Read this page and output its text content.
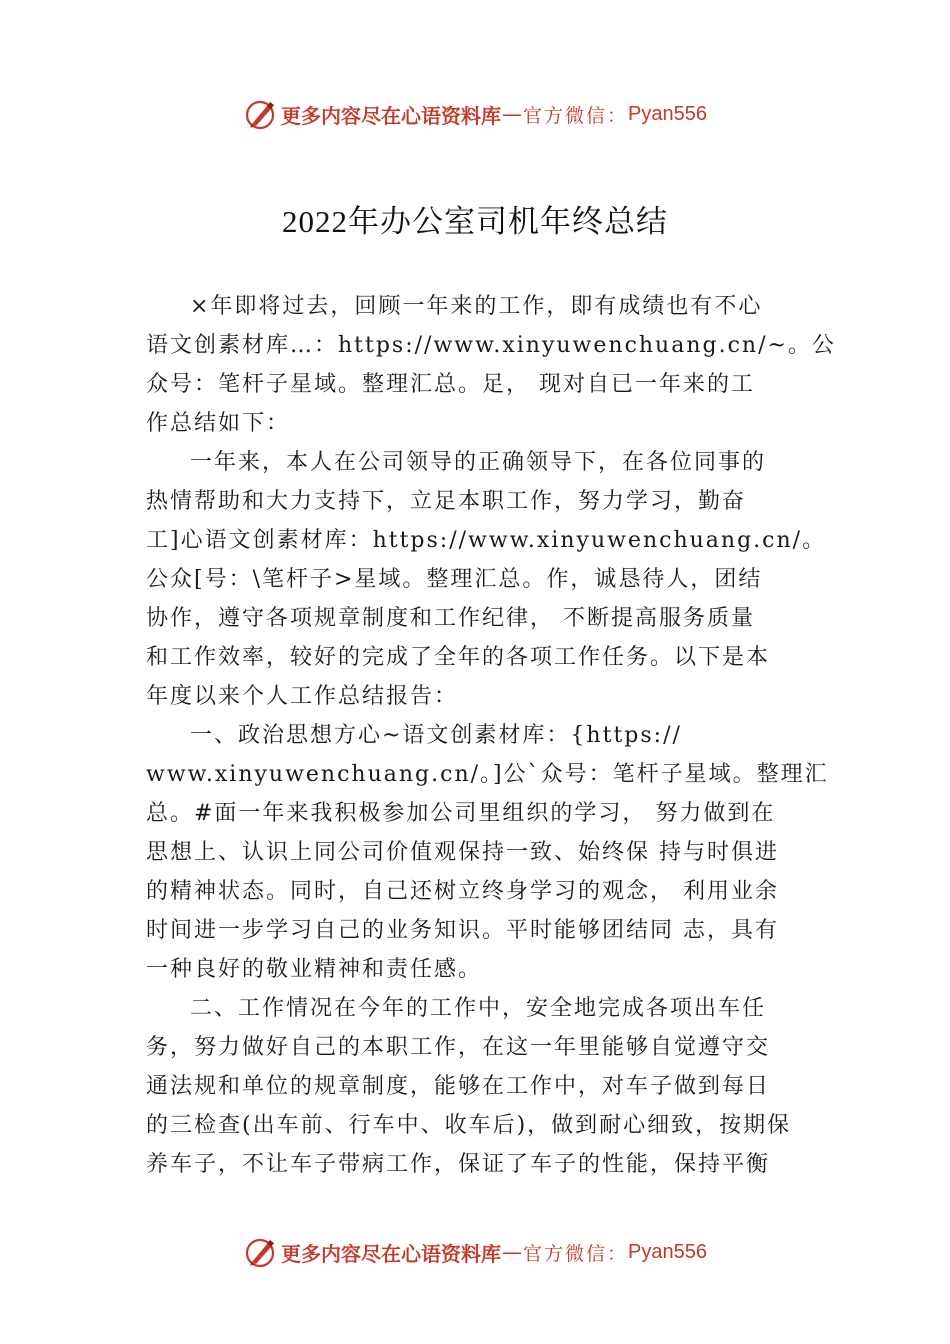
更多内容尽在心语资料库 — 官方微信： Pyan556
2022年办公室司机年终总结
×年即将过去，回顾一年来的工作，即有成绩也有不心
语文创素材库…：https://www.xinyuwenchuang.cn/~。公
众号：笔杆子星域。整理汇总。足， 现对自已一年来的工
作总结如下：
一年来，本人在公司领导的正确领导下，在各位同事的
热情帮助和大力支持下，立足本职工作，努力学习，勤奋
工]心语文创素材库：https://www.xinyuwenchuang.cn/。
公众[号：\笔杆子>星域。整理汇总。作，诚恳待人，团结
协作，遵守各项规章制度和工作纪律， 不断提高服务质量
和工作效率，较好的完成了全年的各项工作任务。以下是本
年度以来个人工作总结报告：
一、政治思想方心~语文创素材库：{https://
www.xinyuwenchuang.cn/。]公`众号：笔杆子星域。整理汇
总。#面一年来我积极参加公司里组织的学习， 努力做到在
思想上、认识上同公司价值观保持一致、始终保 持与时俱进
的精神状态。同时，自己还树立终身学习的观念， 利用业余
时间进一步学习自己的业务知识。平时能够团结同 志，具有
一种良好的敬业精神和责任感。
二、工作情况在今年的工作中，安全地完成各项出车任
务，努力做好自己的本职工作，在这一年里能够自觉遵守交
通法规和单位的规章制度，能够在工作中，对车子做到每日
的三检查(出车前、行车中、收车后)，做到耐心细致，按期保
养车子，不让车子带病工作，保证了车子的性能，保持平衡
更多内容尽在心语资料库 — 官方微信： Pyan556
